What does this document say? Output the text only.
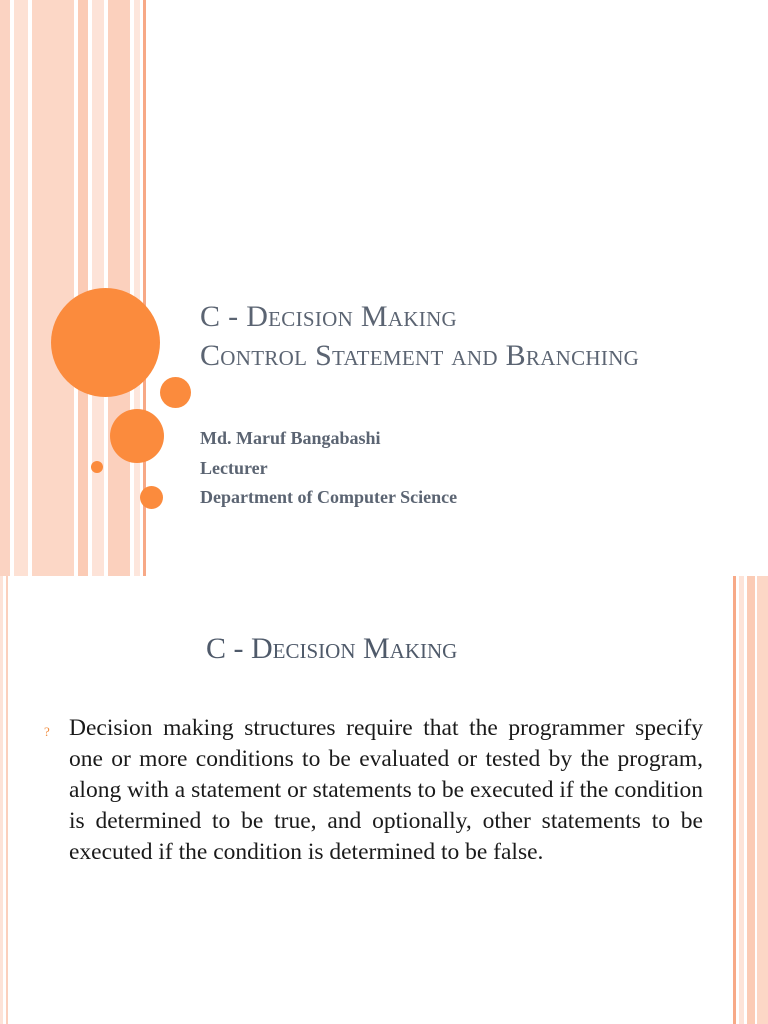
C - Decision Making
Control Statement and Branching
Md. Maruf Bangabashi
Lecturer
Department of Computer Science
C - Decision Making
? Decision making structures require that the programmer specify one or more conditions to be evaluated or tested by the program, along with a statement or statements to be executed if the condition is determined to be true, and optionally, other statements to be executed if the condition is determined to be false.
